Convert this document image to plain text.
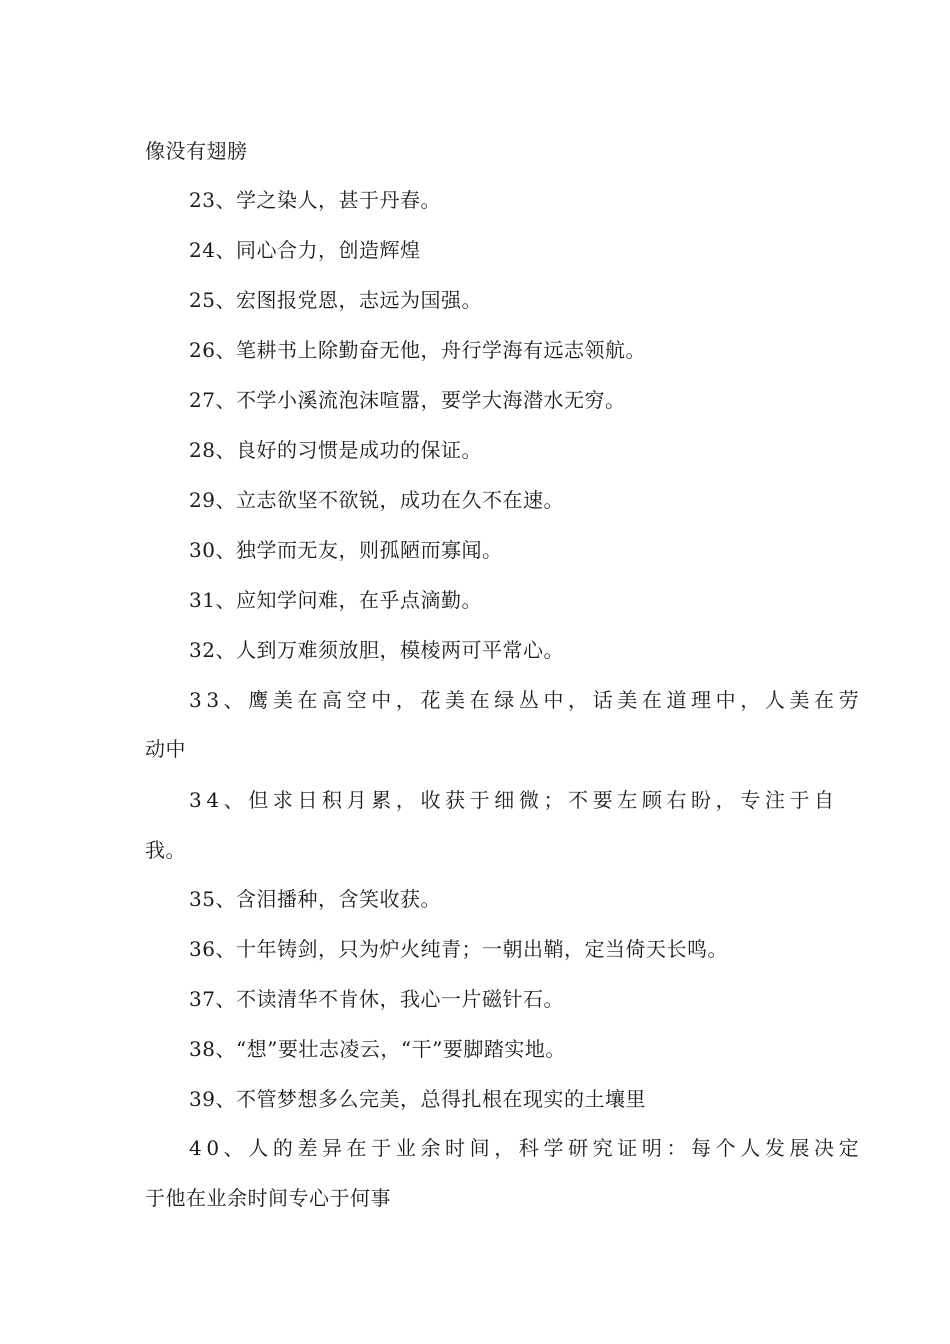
像没有翅膀
23、学之染人，甚于丹春。
24、同心合力，创造辉煌
25、宏图报党恩，志远为国强。
26、笔耕书上除勤奋无他，舟行学海有远志领航。
27、不学小溪流泡沫喧嚣，要学大海潜水无穷。
28、良好的习惯是成功的保证。
29、立志欲坚不欲锐，成功在久不在速。
30、独学而无友，则孤陋而寡闻。
31、应知学问难，在乎点滴勤。
32、人到万难须放胆，模棱两可平常心。
33、鹰美在高空中，花美在绿丛中，话美在道理中，人美在劳
动中
34、但求日积月累，收获于细微；不要左顾右盼，专注于自
我。
35、含泪播种，含笑收获。
36、十年铸剑，只为炉火纯青；一朝出鞘，定当倚天长鸣。
37、不读清华不肯休，我心一片磁针石。
38、“想”要壮志凌云，“干”要脚踏实地。
39、不管梦想多么完美，总得扎根在现实的土壤里
40、人的差异在于业余时间，科学研究证明：每个人发展决定
于他在业余时间专心于何事
